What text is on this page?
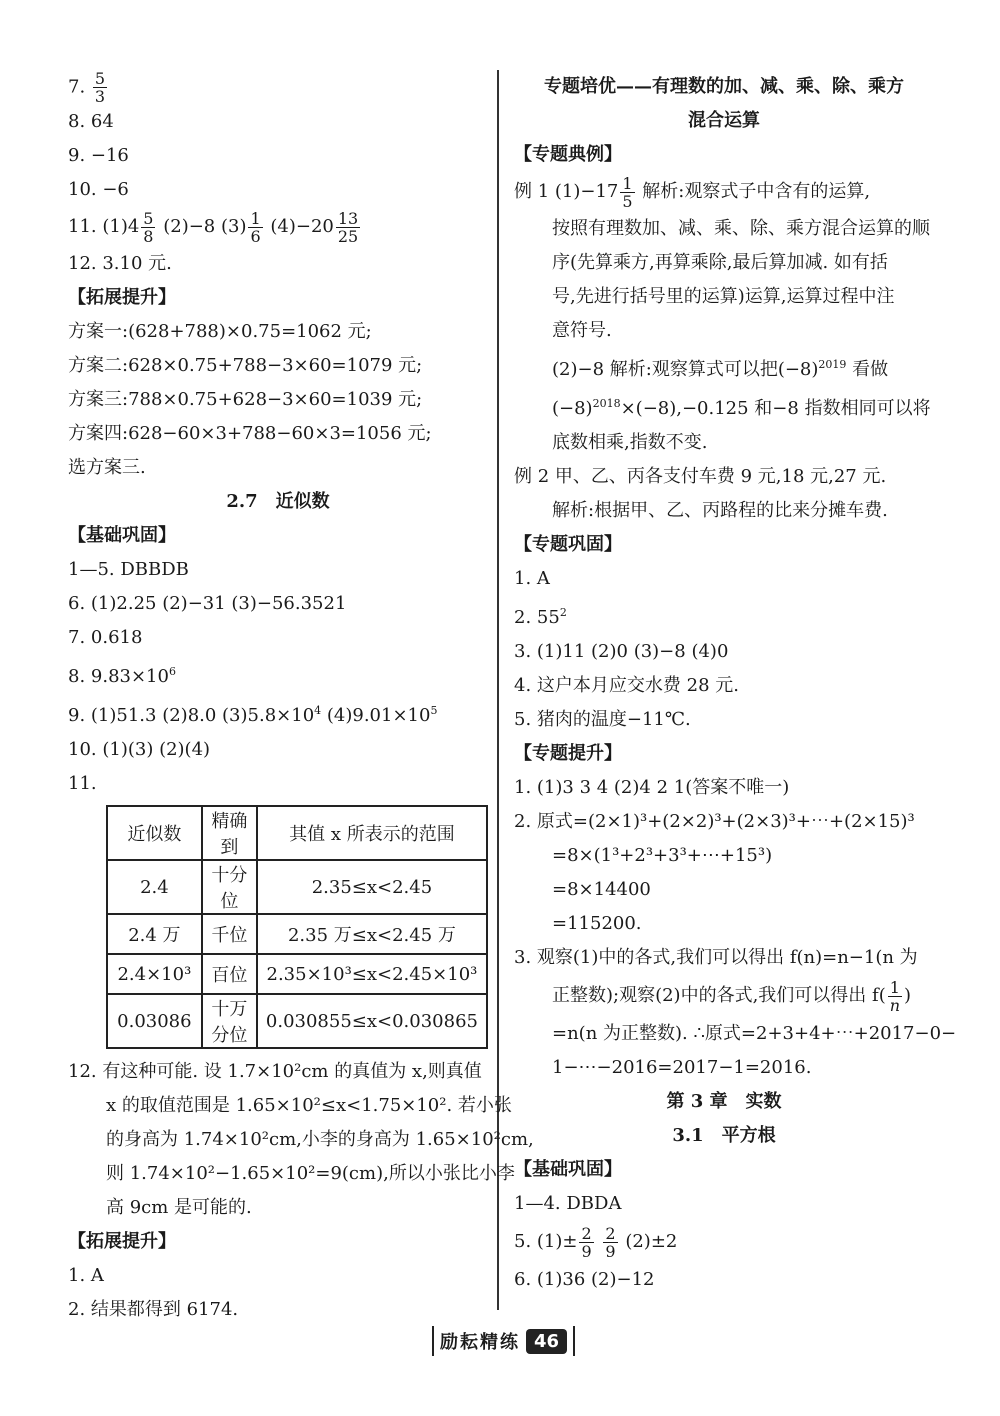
7. $\frac{5}{3}$
8. 64
9. −16
10. −6
11. $(1)4 \frac{5}{8} (2)-8$ $(3) \frac{1}{6} (4)-20 \frac{13}{25}$
12. 3.10 元.
【拓展提升】
方案一:(628+788)×0.75=1062 元;
方案二:628×0.75+788−3×60=1079 元;
方案三:788×0.75+628−3×60=1039 元;
方案四:628−60×3+788−60×3=1056 元;
选方案三.
2.7　近似数
【基础巩固】
1—5. DBBDB
6. (1)2.25 (2)−31 (3)−56.3521
7. 0.618
8. $9.83\times 10^6$
9. (1)51.3 (2)8.0 $(3)5.8\times 10^4$ $(4)9.01\times 10^5$
10. (1)(3) (2)(4)
11.
近似数	精确到	其值 x 所表示的范围
2.4	十分位	2.35≤x<2.45
2.4 万	千位	2.35 万≤x<2.45 万
2.4×10³	百位	2.35×10³≤x<2.45×10³
0.03086	十万分位	0.030855≤x<0.030865
12. 有这种可能. 设 1.7×10²cm 的真值为 x,则真值
x 的取值范围是 1.65×10²≤x<1.75×10². 若小张
的身高为 1.74×10²cm,小李的身高为 1.65×10²cm,
则 1.74×10²−1.65×10²=9(cm),所以小张比小李
高 9cm 是可能的.
【拓展提升】
1. A
2. 结果都得到 6174.
专题培优——有理数的加、减、乘、除、乘方
混合运算
【专题典例】
例 1 $(1)-17 \frac{1}{5}$ 解析:观察式子中含有的运算,
按照有理数加、减、乘、除、乘方混合运算的顺
序(先算乘方,再算乘除,最后算加减. 如有括
号,先进行括号里的运算)运算,运算过程中注
意符号.
(2)−8 解析:观察算式可以把$(-8)^{2019}$ 看做
$(-8)^{2018}\times(-8),-0.125$ 和−8 指数相同可以将
底数相乘,指数不变.
例 2 甲、乙、丙各支付车费 9 元,18 元,27 元.
解析:根据甲、乙、丙路程的比来分摊车费.
【专题巩固】
1. A
2. $55^2$
3. (1)11 (2)0 (3)−8 (4)0
4. 这户本月应交水费 28 元.
5. 猪肉的温度−11℃.
【专题提升】
1. (1)3 3 4 (2)4 2 1(答案不唯一)
2. 原式=(2×1)³+(2×2)³+(2×3)³+⋯+(2×15)³
=8×(1³+2³+3³+⋯+15³)
=8×14400
=115200.
3. 观察(1)中的各式,我们可以得出 f(n)=n−1(n 为
正整数);观察(2)中的各式,我们可以得出 $f( \frac{1}{n}$ )
=n(n 为正整数). ∴原式=2+3+4+⋯+2017−0−
1−⋯−2016=2017−1=2016.
第 3 章　实数
3.1　平方根
【基础巩固】
1—4. DBDA
5. $(1)\pm \frac{2}{9}$
$\frac{2}{9} (2)\pm 2$
6. (1)36 (2)−12
励耘精练 46
